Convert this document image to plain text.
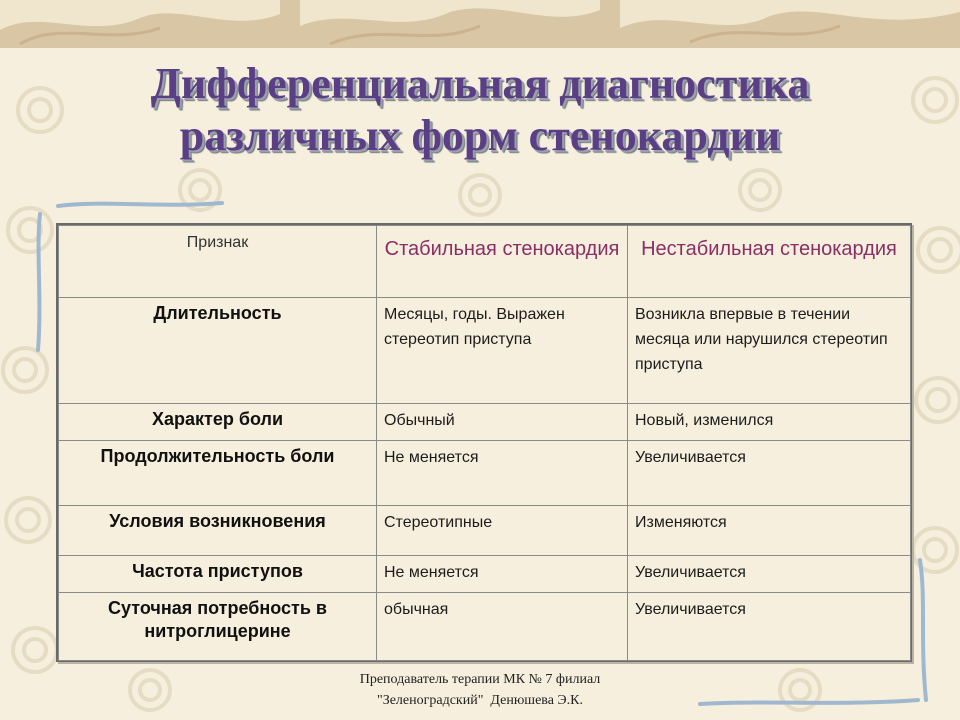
Дифференциальная диагностика
различных форм стенокардии
Признак	Стабильная стенокардия	Нестабильная стенокардия
Длительность	Месяцы, годы. Выражен стереотип приступа	Возникла впервые в течении месяца или нарушился стереотип приступа
Характер боли	Обычный	Новый, изменился
Продолжительность боли	Не меняется	Увеличивается
Условия возникновения	Стереотипные	Изменяются
Частота приступов	Не меняется	Увеличивается
Суточная потребность в нитроглицерине	обычная	Увеличивается
Преподаватель терапии МК № 7 филиал
"Зеленоградский"  Денюшева Э.К.
